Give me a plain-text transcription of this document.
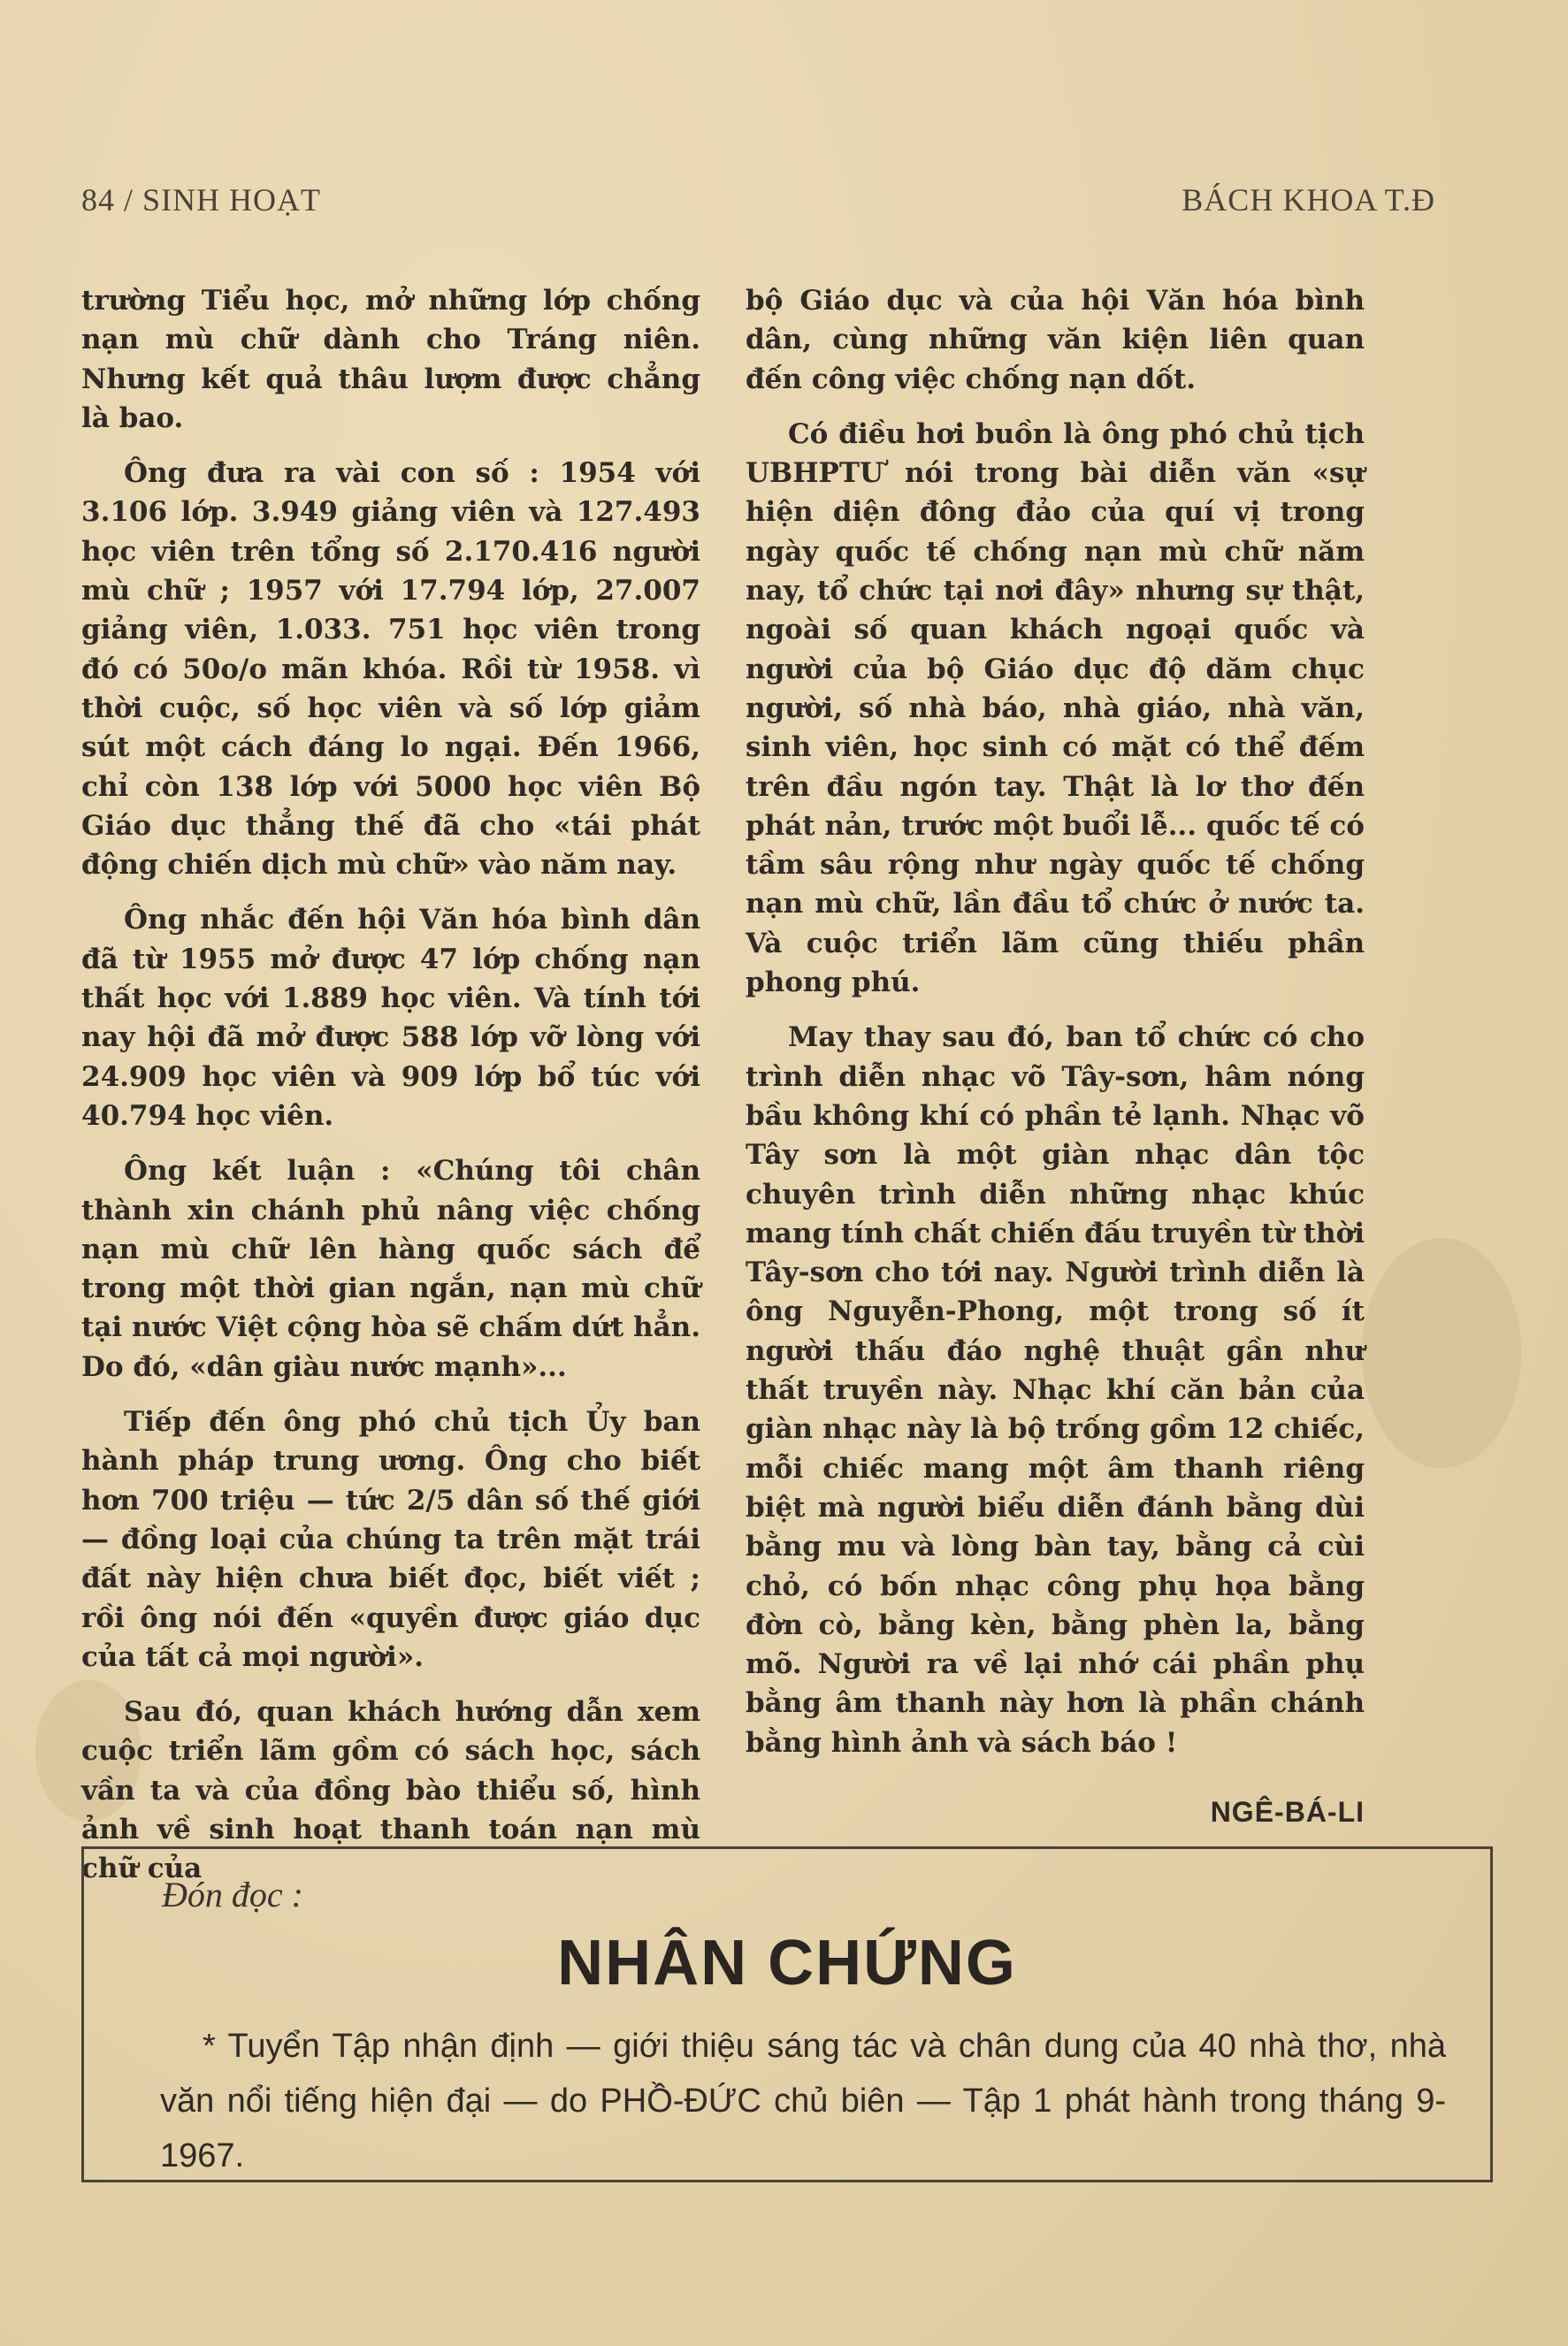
84 / SINH HOẠT	BÁCH KHOA T.Đ

trường Tiểu học, mở những lớp chống nạn mù chữ dành cho Tráng niên. Nhưng kết quả thâu lượm được chẳng là bao.

Ông đưa ra vài con số : 1954 với 3.106 lớp. 3.949 giảng viên và 127.493 học viên trên tổng số 2.170.416 người mù chữ ; 1957 với 17.794 lớp, 27.007 giảng viên, 1.033. 751 học viên trong đó có 50o/o mãn khóa. Rồi từ 1958. vì thời cuộc, số học viên và số lớp giảm sút một cách đáng lo ngại. Đến 1966, chỉ còn 138 lớp với 5000 học viên Bộ Giáo dục thẳng thế đã cho «tái phát động chiến dịch mù chữ» vào năm nay.

Ông nhắc đến hội Văn hóa bình dân đã từ 1955 mở được 47 lớp chống nạn thất học với 1.889 học viên. Và tính tới nay hội đã mở được 588 lớp vỡ lòng với 24.909 học viên và 909 lớp bổ túc với 40.794 học viên.

Ông kết luận : «Chúng tôi chân thành xin chánh phủ nâng việc chống nạn mù chữ lên hàng quốc sách để trong một thời gian ngắn, nạn mù chữ tại nước Việt cộng hòa sẽ chấm dứt hẳn. Do đó, «dân giàu nước mạnh»...

Tiếp đến ông phó chủ tịch Ủy ban hành pháp trung ương. Ông cho biết hơn 700 triệu — tức 2/5 dân số thế giới — đồng loại của chúng ta trên mặt trái đất này hiện chưa biết đọc, biết viết ; rồi ông nói đến «quyền được giáo dục của tất cả mọi người».

Sau đó, quan khách hướng dẫn xem cuộc triển lãm gồm có sách học, sách vần ta và của đồng bào thiểu số, hình ảnh về sinh hoạt thanh toán nạn mù chữ của

bộ Giáo dục và của hội Văn hóa bình dân, cùng những văn kiện liên quan đến công việc chống nạn dốt.

Có điều hơi buồn là ông phó chủ tịch UBHPTƯ nói trong bài diễn văn «sự hiện diện đông đảo của quí vị trong ngày quốc tế chống nạn mù chữ năm nay, tổ chức tại nơi đây» nhưng sự thật, ngoài số quan khách ngoại quốc và người của bộ Giáo dục độ dăm chục người, số nhà báo, nhà giáo, nhà văn, sinh viên, học sinh có mặt có thể đếm trên đầu ngón tay. Thật là lơ thơ đến phát nản, trước một buổi lễ... quốc tế có tầm sâu rộng như ngày quốc tế chống nạn mù chữ, lần đầu tổ chức ở nước ta. Và cuộc triển lãm cũng thiếu phần phong phú.

May thay sau đó, ban tổ chức có cho trình diễn nhạc võ Tây-sơn, hâm nóng bầu không khí có phần tẻ lạnh. Nhạc võ Tây sơn là một giàn nhạc dân tộc chuyên trình diễn những nhạc khúc mang tính chất chiến đấu truyền từ thời Tây-sơn cho tới nay. Người trình diễn là ông Nguyễn-Phong, một trong số ít người thấu đáo nghệ thuật gần như thất truyền này. Nhạc khí căn bản của giàn nhạc này là bộ trống gồm 12 chiếc, mỗi chiếc mang một âm thanh riêng biệt mà người biểu diễn đánh bằng dùi bằng mu và lòng bàn tay, bằng cả cùi chỏ, có bốn nhạc công phụ họa bằng đờn cò, bằng kèn, bằng phèn la, bằng mõ. Người ra về lại nhớ cái phần phụ bằng âm thanh này hơn là phần chánh bằng hình ảnh và sách báo !

NGÊ-BÁ-LI
Đón đọc :
NHÂN CHỨNG
* Tuyển Tập nhận định — giới thiệu sáng tác và chân dung của 40 nhà thơ, nhà văn nổi tiếng hiện đại — do PHỒ-ĐỨC chủ biên — Tập 1 phát hành trong tháng 9-1967.
